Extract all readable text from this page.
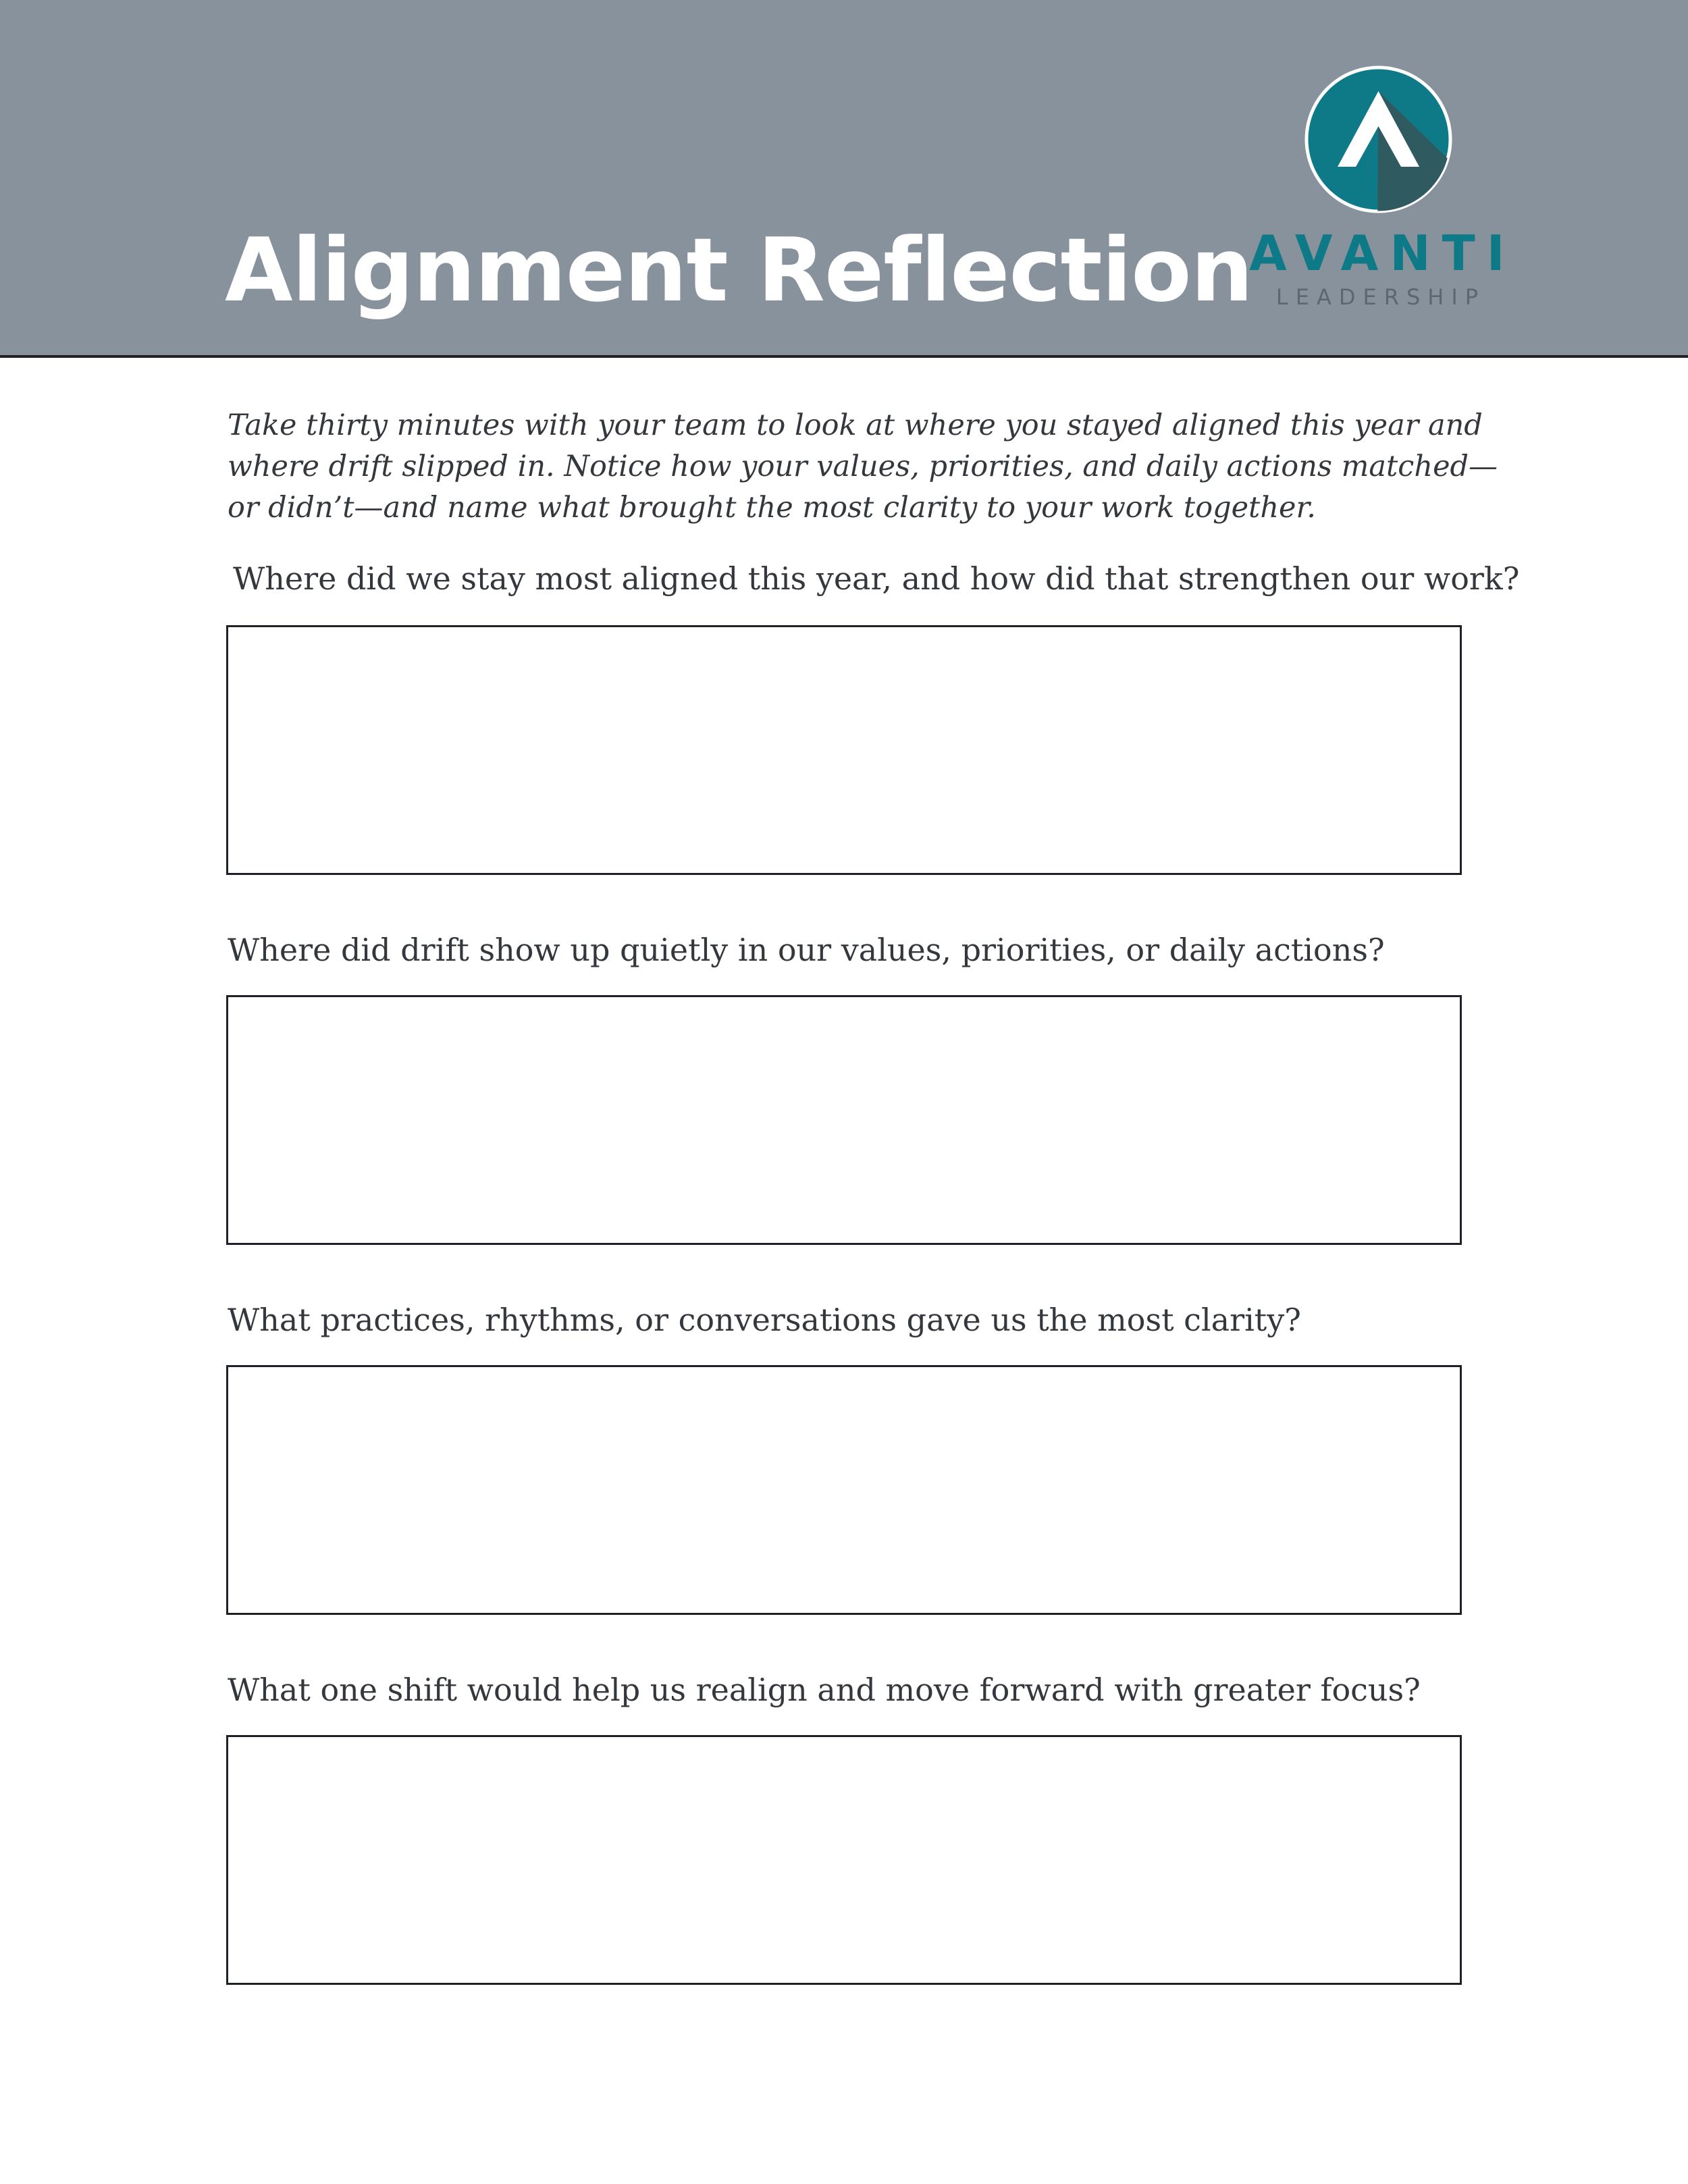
Alignment Reflection
AVANTI
LEADERSHIP

Take thirty minutes with your team to look at where you stayed aligned this year and where drift slipped in. Notice how your values, priorities, and daily actions matched—or didn’t—and name what brought the most clarity to your work together.

Where did we stay most aligned this year, and how did that strengthen our work?

Where did drift show up quietly in our values, priorities, or daily actions?

What practices, rhythms, or conversations gave us the most clarity?

What one shift would help us realign and move forward with greater focus?
